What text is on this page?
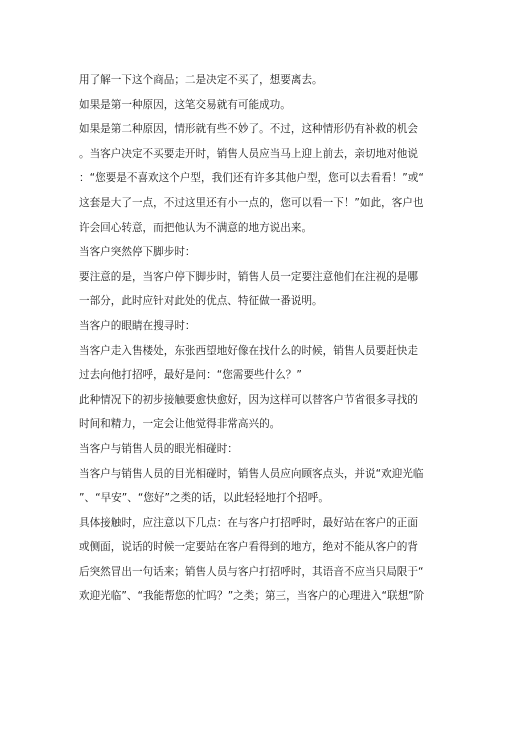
用了解一下这个商品；二是决定不买了，想要离去。
如果是第一种原因，这笔交易就有可能成功。
如果是第二种原因，情形就有些不妙了。不过，这种情形仍有补救的机会
。当客户决定不买要走开时，销售人员应当马上迎上前去，亲切地对他说
：“您要是不喜欢这个户型，我们还有许多其他户型，您可以去看看！”或“
这套是大了一点，不过这里还有小一点的，您可以看一下！”如此，客户也
许会回心转意，而把他认为不满意的地方说出来。
当客户突然停下脚步时：
要注意的是，当客户停下脚步时，销售人员一定要注意他们在注视的是哪
一部分，此时应针对此处的优点、特征做一番说明。
当客户的眼睛在搜寻时：
当客户走入售楼处，东张西望地好像在找什么的时候，销售人员要赶快走
过去向他打招呼，最好是问：“您需要些什么？”
此种情况下的初步接触要愈快愈好，因为这样可以替客户节省很多寻找的
时间和精力，一定会让他觉得非常高兴的。
当客户与销售人员的眼光相碰时：
当客户与销售人员的目光相碰时，销售人员应向顾客点头，并说“欢迎光临
”、“早安”、“您好”之类的话，以此轻轻地打个招呼。
具体接触时，应注意以下几点：在与客户打招呼时，最好站在客户的正面
或侧面，说话的时候一定要站在客户看得到的地方，绝对不能从客户的背
后突然冒出一句话来；销售人员与客户打招呼时，其语音不应当只局限于“
欢迎光临”、“我能帮您的忙吗？”之类；第三，当客户的心理进入“联想”阶
